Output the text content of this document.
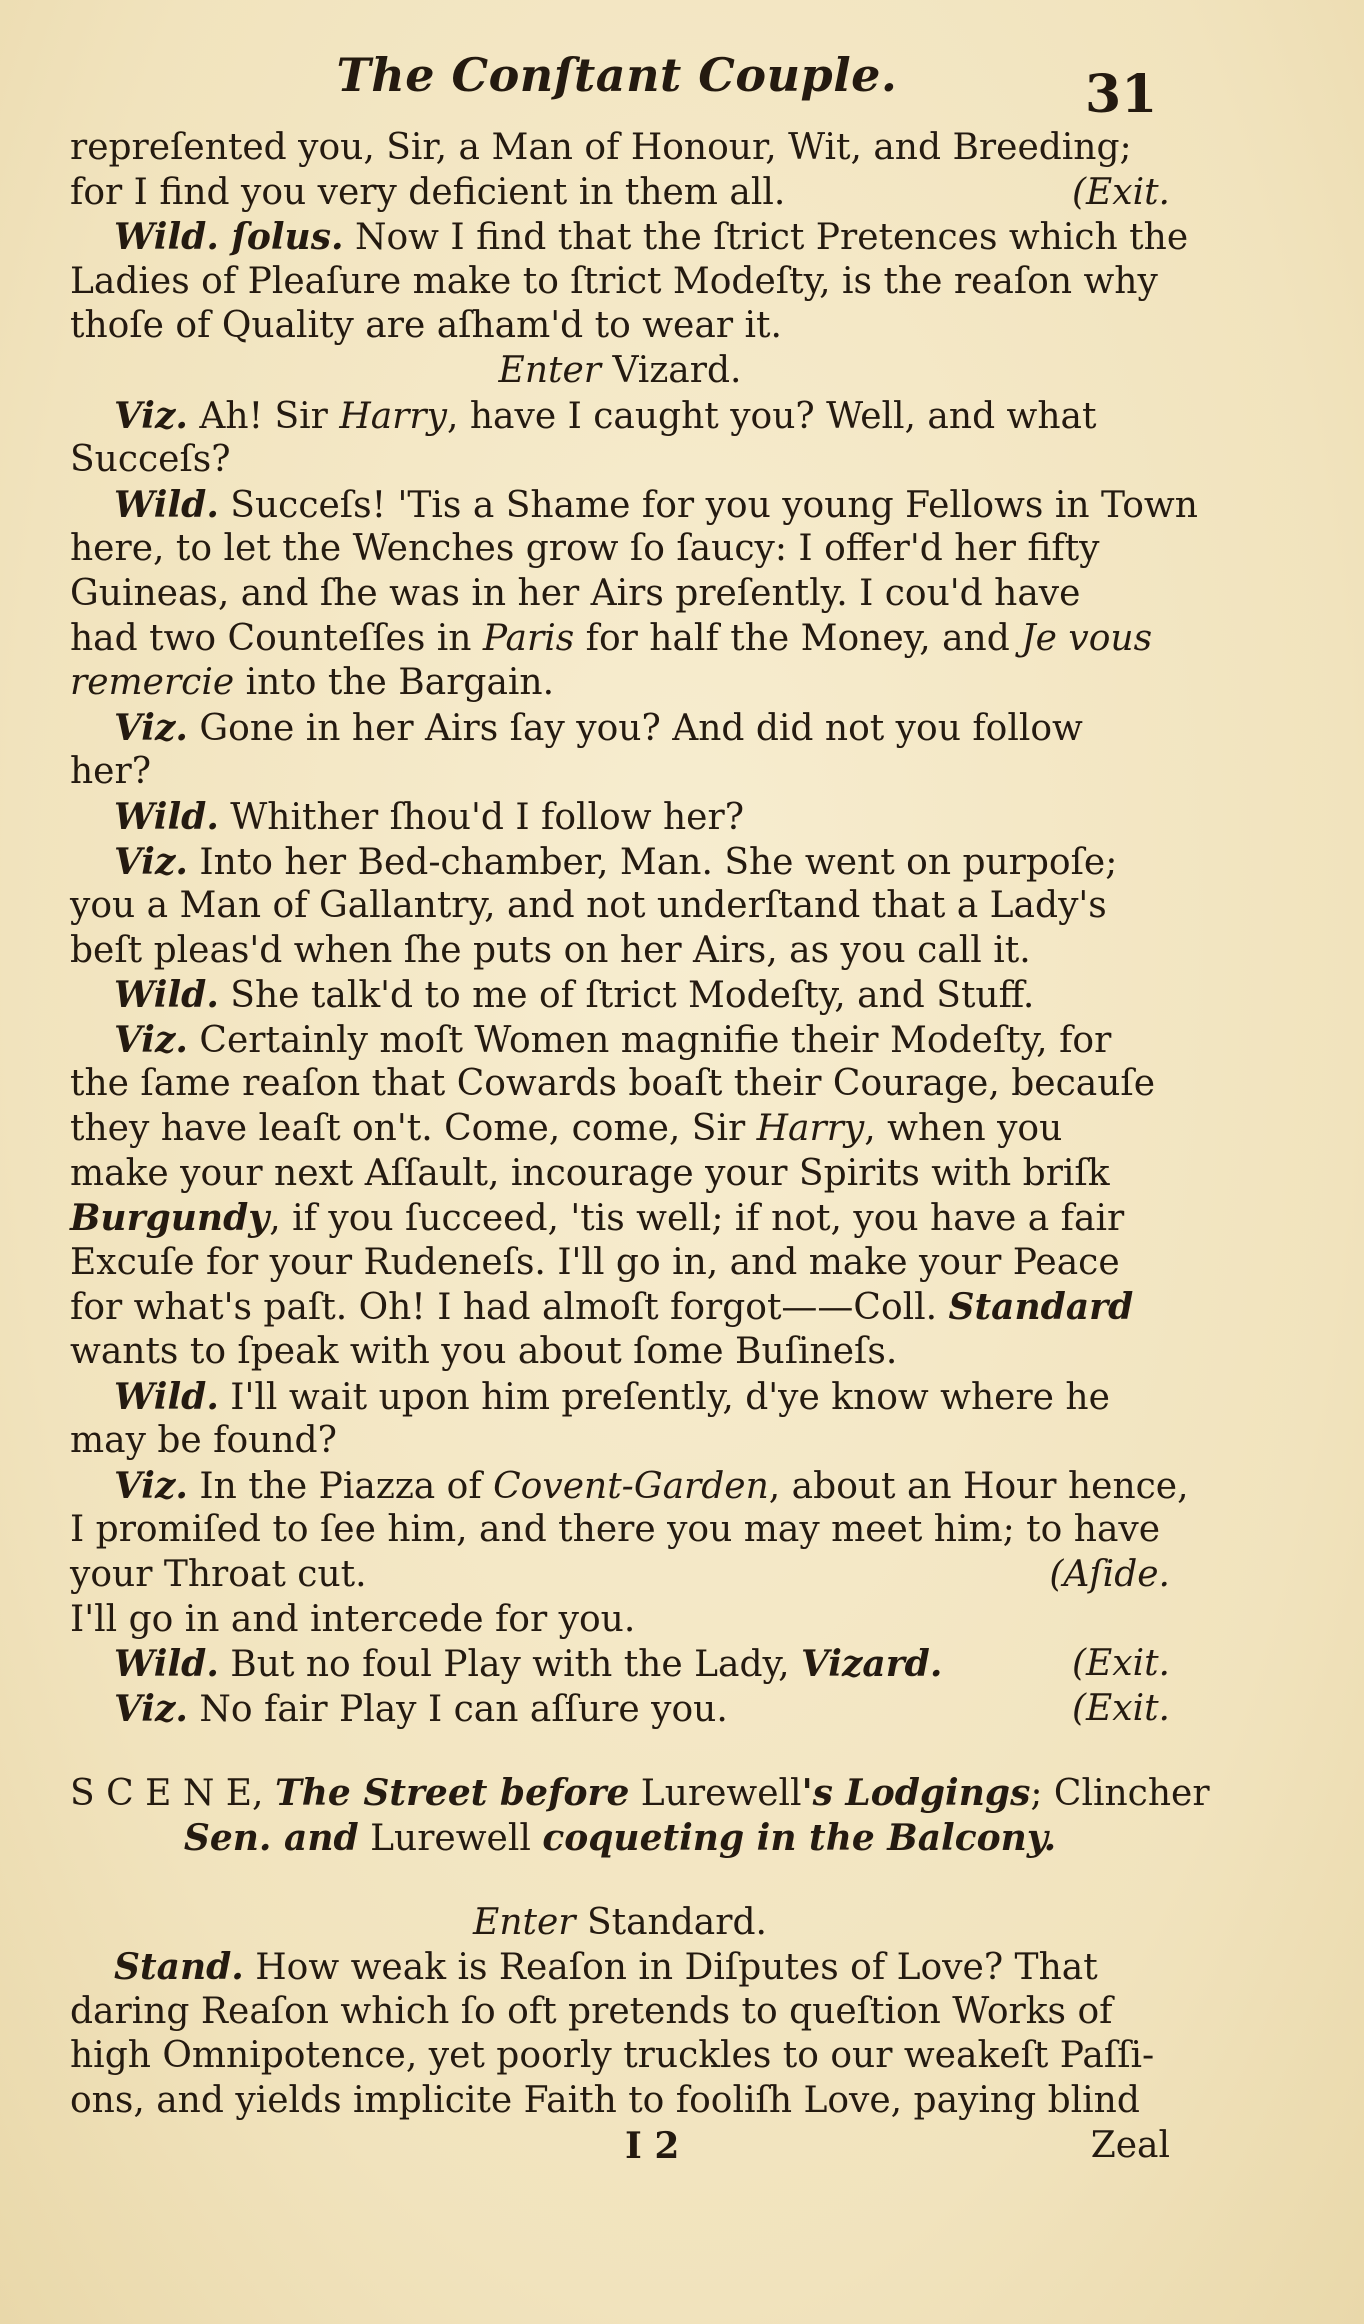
The Conſtant Couple.	31
repreſented you, Sir, a Man of Honour, Wit, and Breeding;
for I find you very deficient in them all.	(Exit.
Wild. ſolus. Now I find that the ſtrict Pretences which the
Ladies of Pleaſure make to ſtrict Modeſty, is the reaſon why
thoſe of Quality are aſham'd to wear it.
Enter Vizard.
Viz. Ah! Sir Harry, have I caught you? Well, and what
Succeſs?
Wild. Succeſs! 'Tis a Shame for you young Fellows in Town
here, to let the Wenches grow ſo ſaucy: I offer'd her fifty
Guineas, and ſhe was in her Airs preſently. I cou'd have
had two Counteſſes in Paris for half the Money, and Je vous
remercie into the Bargain.
Viz. Gone in her Airs ſay you? And did not you follow
her?
Wild. Whither ſhou'd I follow her?
Viz. Into her Bed-chamber, Man. She went on purpoſe;
you a Man of Gallantry, and not underſtand that a Lady's
beſt pleas'd when ſhe puts on her Airs, as you call it.
Wild. She talk'd to me of ſtrict Modeſty, and Stuff.
Viz. Certainly moſt Women magnifie their Modeſty, for
the ſame reaſon that Cowards boaſt their Courage, becauſe
they have leaſt on't. Come, come, Sir Harry, when you
make your next Aſſault, incourage your Spirits with briſk
Burgundy, if you ſucceed, 'tis well; if not, you have a fair
Excuſe for your Rudeneſs. I'll go in, and make your Peace
for what's paſt. Oh! I had almoſt forgot——Coll. Standard
wants to ſpeak with you about ſome Buſineſs.
Wild. I'll wait upon him preſently, d'ye know where he
may be found?
Viz. In the Piazza of Covent-Garden, about an Hour hence,
I promiſed to ſee him, and there you may meet him; to have
your Throat cut.	(Aſide.
I'll go in and intercede for you.
Wild. But no foul Play with the Lady, Vizard.	(Exit.
Viz. No fair Play I can aſſure you.	(Exit.
S C E N E, The Street before Lurewell's Lodgings; Clincher
Sen. and Lurewell coqueting in the Balcony.
Enter Standard.
Stand. How weak is Reaſon in Diſputes of Love? That
daring Reaſon which ſo oft pretends to queſtion Works of
high Omnipotence, yet poorly truckles to our weakeſt Paſſi-
ons, and yields implicite Faith to fooliſh Love, paying blind
I 2	Zeal
